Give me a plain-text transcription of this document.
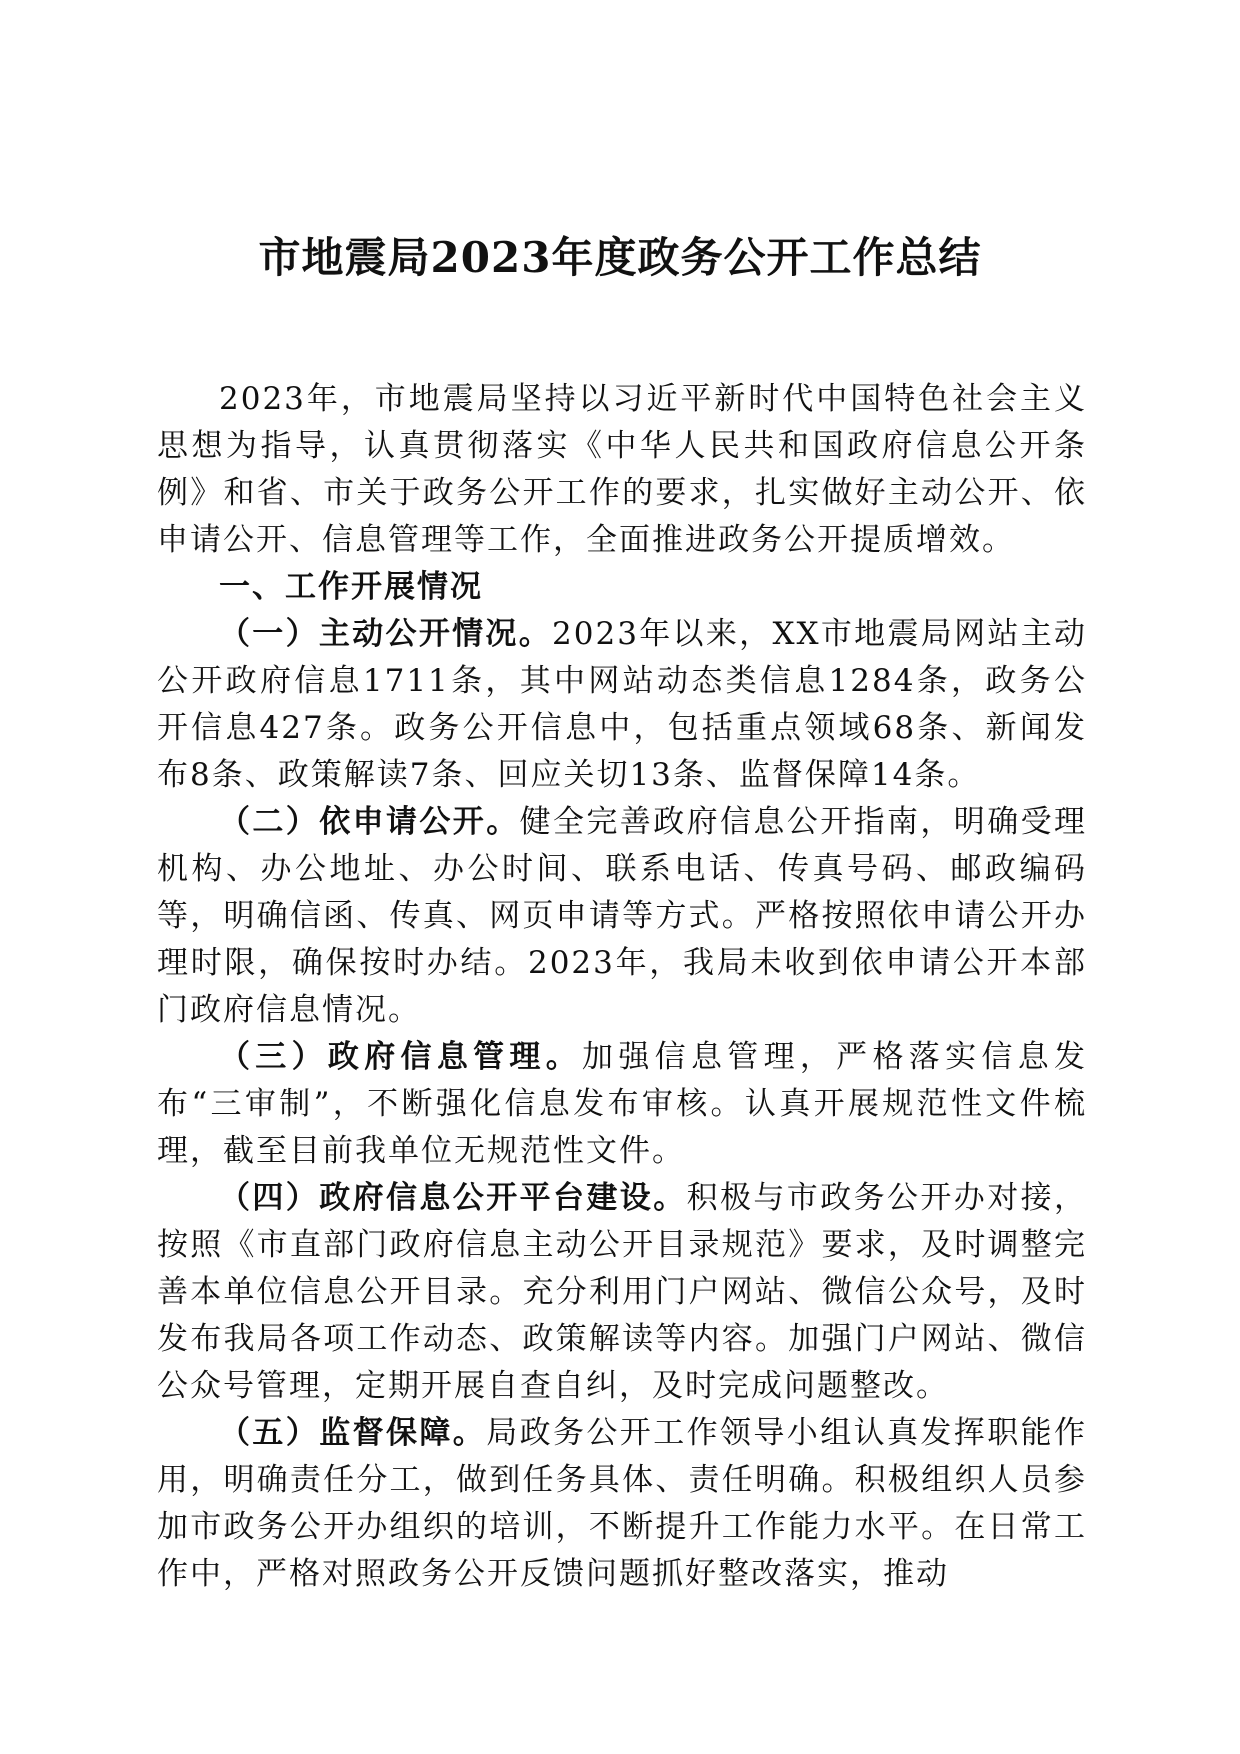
市地震局2023年度政务公开工作总结

2023年，市地震局坚持以习近平新时代中国特色社会主义思想为指导，认真贯彻落实《中华人民共和国政府信息公开条例》和省、市关于政务公开工作的要求，扎实做好主动公开、依申请公开、信息管理等工作，全面推进政务公开提质增效。

一、工作开展情况

（一）主动公开情况。2023年以来，XX市地震局网站主动公开政府信息1711条，其中网站动态类信息1284条，政务公开信息427条。政务公开信息中，包括重点领域68条、新闻发布8条、政策解读7条、回应关切13条、监督保障14条。

（二）依申请公开。健全完善政府信息公开指南，明确受理机构、办公地址、办公时间、联系电话、传真号码、邮政编码等，明确信函、传真、网页申请等方式。严格按照依申请公开办理时限，确保按时办结。2023年，我局未收到依申请公开本部门政府信息情况。

（三）政府信息管理。加强信息管理，严格落实信息发布“三审制”，不断强化信息发布审核。认真开展规范性文件梳理，截至目前我单位无规范性文件。

（四）政府信息公开平台建设。积极与市政务公开办对接，按照《市直部门政府信息主动公开目录规范》要求，及时调整完善本单位信息公开目录。充分利用门户网站、微信公众号，及时发布我局各项工作动态、政策解读等内容。加强门户网站、微信公众号管理，定期开展自查自纠，及时完成问题整改。

（五）监督保障。局政务公开工作领导小组认真发挥职能作用，明确责任分工，做到任务具体、责任明确。积极组织人员参加市政务公开办组织的培训，不断提升工作能力水平。在日常工作中，严格对照政务公开反馈问题抓好整改落实，推动
